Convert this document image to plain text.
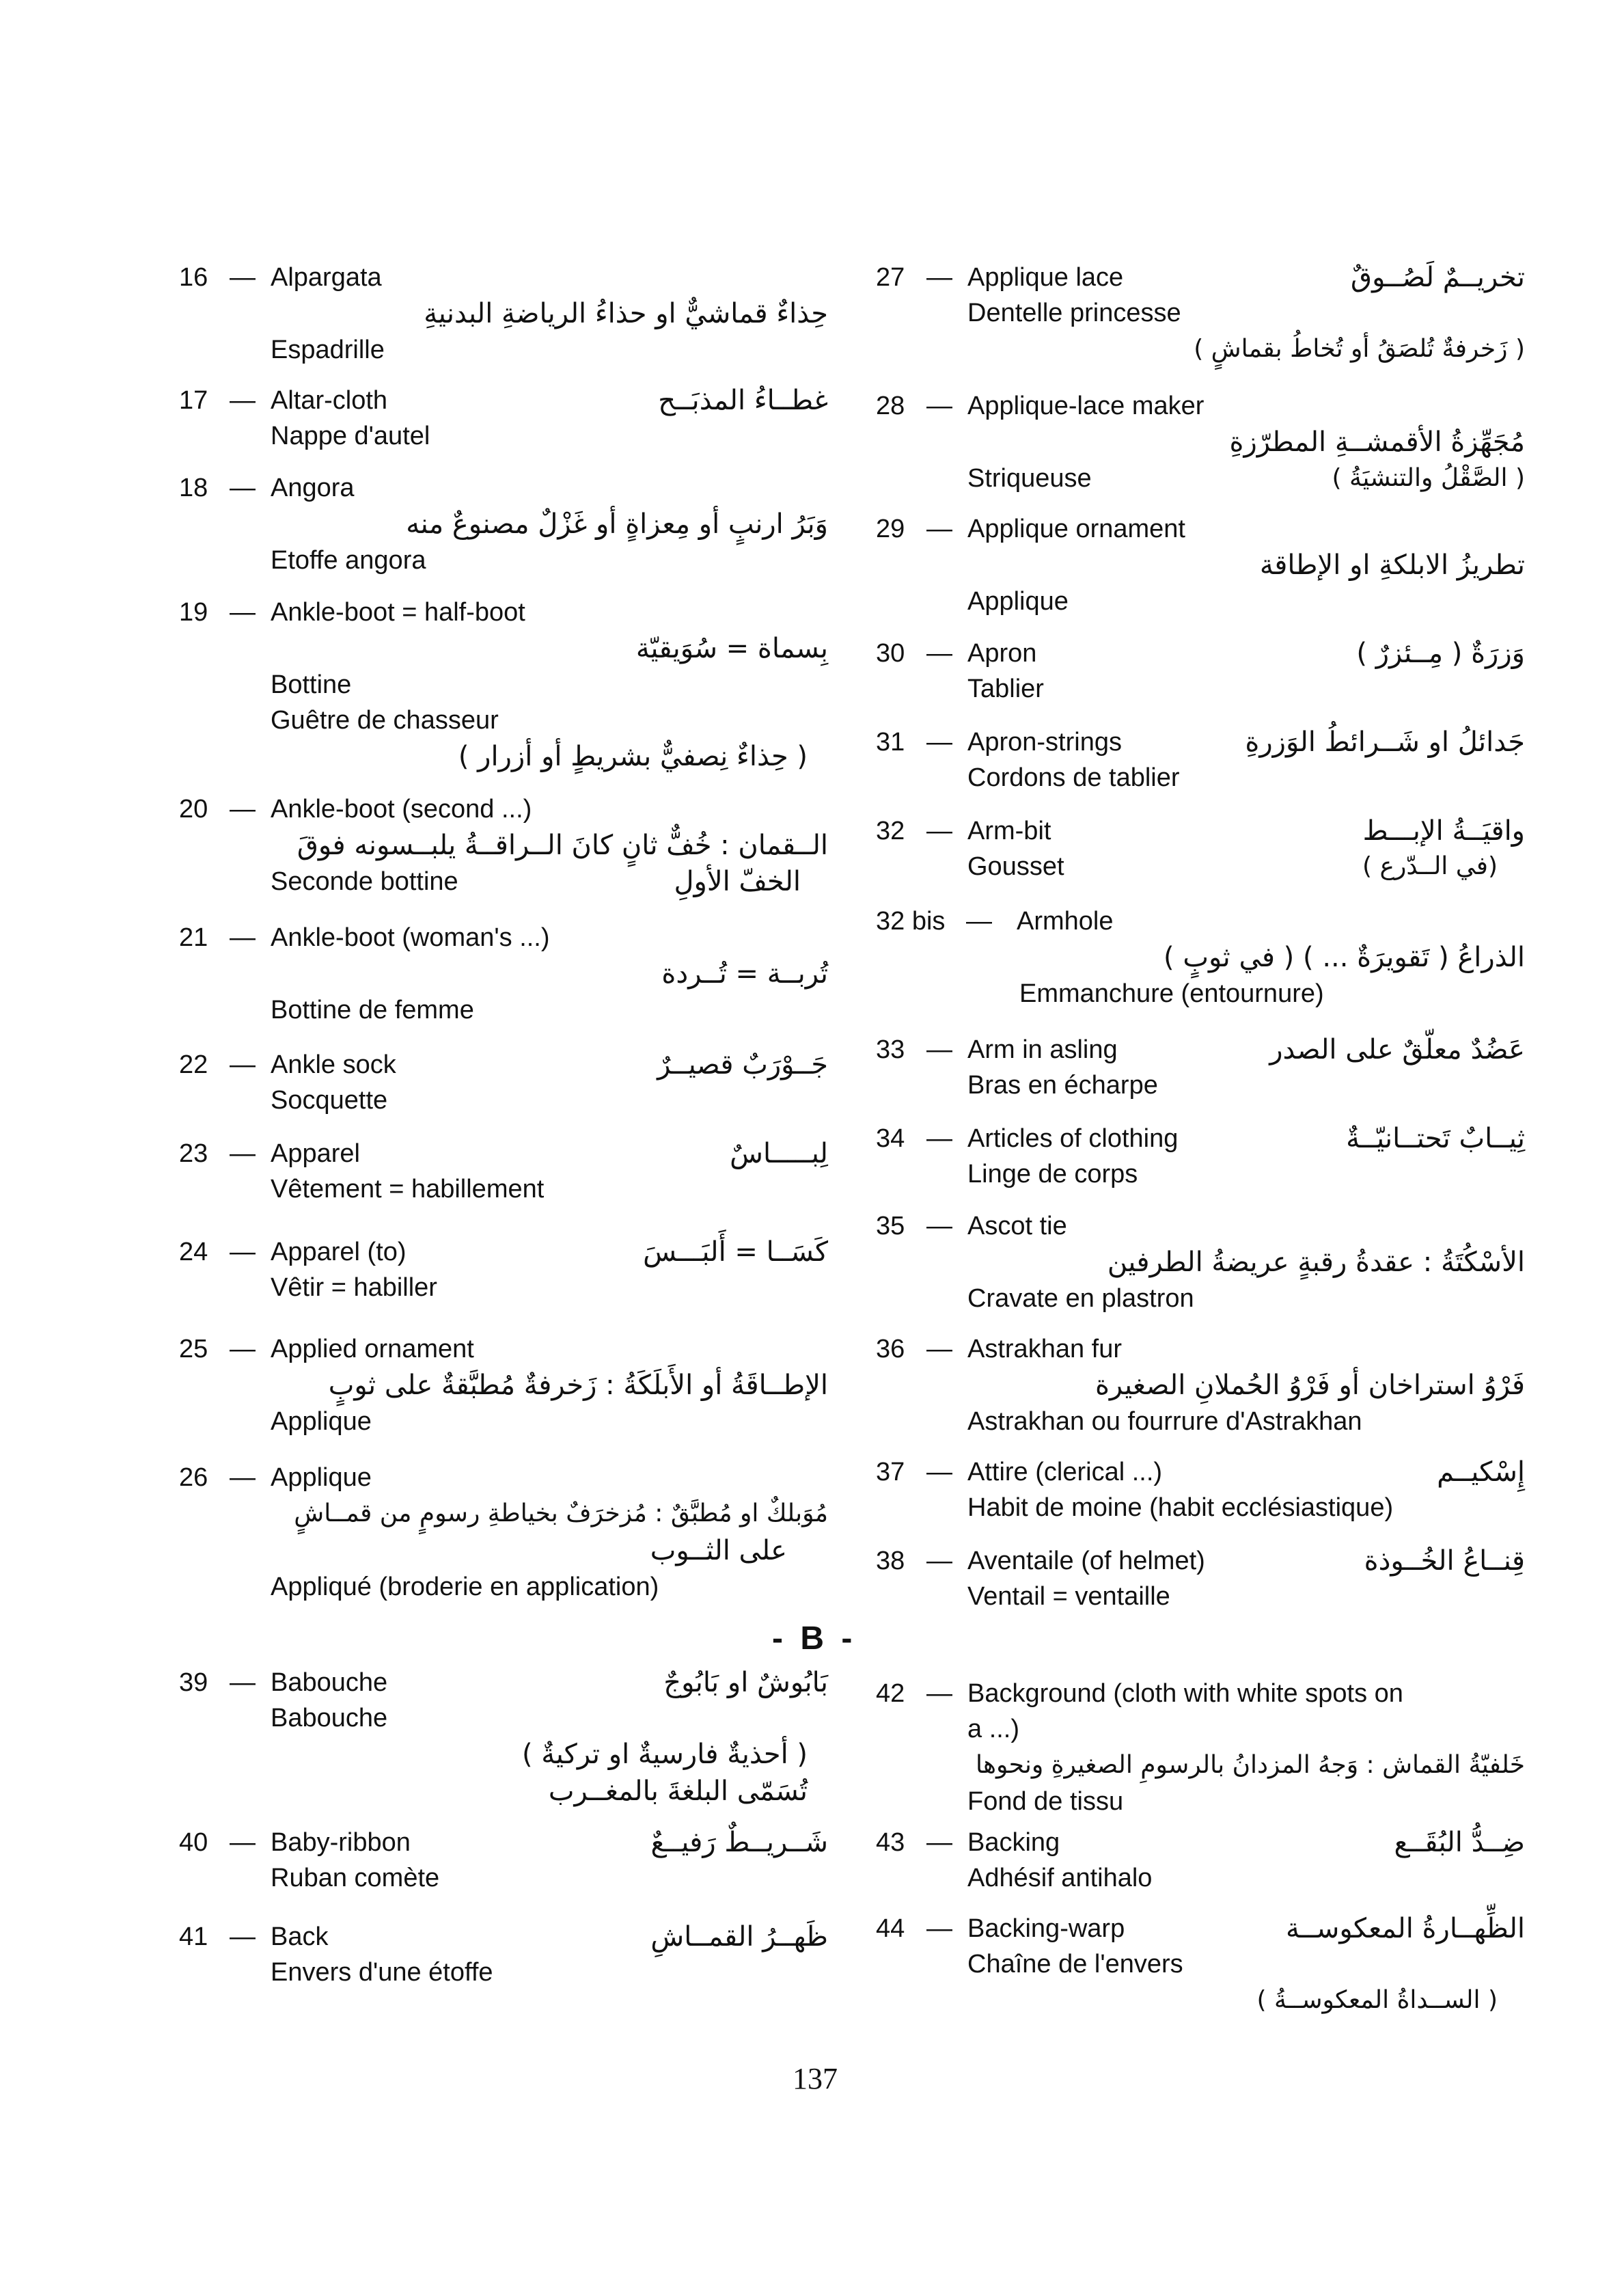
16 — Alpargata
حِذاءٌ قماشيٌّ او حذاءُ الرياضةِ البدنيةِ
Espadrille
17 — Altar-cloth	غطــاءُ المذبَــح
Nappe d'autel
18 — Angora
وَبَرُ ارنبٍ أو مِعزاةٍ أو غَزْلٌ مصنوعٌ منه
Etoffe angora
19 — Ankle-boot = half-boot
بِسماة = سُوَيقيّة
Bottine
Guêtre de chasseur
( حِذاءٌ نِصفيٌّ بشريطٍ أو أزرار )
20 — Ankle-boot (second ...)
الــقمان : خُفٌّ ثانٍ كانَ الــراقــةُ يلبــسونه فوقَ
Seconde bottine	الخفّ الأولِ
21 — Ankle-boot (woman's ...)
تُربــة = تُــردة
Bottine de femme
22 — Ankle sock	جَــوْرَبٌ قصيــرٌ
Socquette
23 — Apparel	لِبـــــاسٌ
Vêtement = habillement
24 — Apparel (to)	كَسَــا = أَلبَـــسَ
Vêtir = habiller
25 — Applied ornament
الإطــاقَةُ أو الأَبلَكَةُ : زَخرفةٌ مُطبَّقةٌ على ثوبٍ
Applique
26 — Applique
مُوَبلكٌ او مُطبَّقٌ : مُزخرَفٌ بخياطةِ رسومٍ من قمــاشٍ
على الثــوب
Appliqué (broderie en application)
39 — Babouche	بَابُوشٌ او بَابُوجٌ
Babouche
( أحذيةٌ فارسيةٌ او تركيةٌ )
تُسَمّى البلغةَ بالمغــرب
40 — Baby-ribbon	شَــريــطٌ رَفيــعٌ
Ruban comète
41 — Back	ظَهــرُ القمــاشِ
Envers d'une étoffe
27 — Applique lace	تخريــمٌ لَصُــوقٌ
Dentelle princesse
( زَخرفةٌ تُلصَقُ أو تُخاطُ بقماشٍ )
28 — Applique-lace maker
مُجَهِّزةُ الأقمشــةِ المطرّزةِ
Striqueuse	( الصَّقْلُ والتنشيَةُ )
29 — Applique ornament
تطريزُ الابلكةِ او الإطاقة
Applique
30 — Apron	وَزرَةٌ ( مِــئزرٌ )
Tablier
31 — Apron-strings	جَدائلُ او شَــرائطُ الوَزرةِ
Cordons de tablier
32 — Arm-bit	واقيَــةُ الإبـــط
Gousset	(في الــدّرع )
32 bis — Armhole
الذراعُ ( تَقويرَةٌ ... ) ( في ثوبٍ )
Emmanchure (entournure)
33 — Arm in asling	عَضُدٌ معلّقٌ على الصدر
Bras en écharpe
34 — Articles of clothing	ثِيــابٌ تَحتــانيّــةٌ
Linge de corps
35 — Ascot tie
الأسْكُتَةُ : عقدةُ رقبةٍ عريضةُ الطرفين
Cravate en plastron
36 — Astrakhan fur
فَرْوُ استراخان أو فَرْوُ الحُملانِ الصغيرة
Astrakhan ou fourrure d'Astrakhan
37 — Attire (clerical ...)	إِسْكيــم
Habit de moine (habit ecclésiastique)
38 — Aventaile (of helmet)	قِنــاعُ الخُــوذة
Ventail = ventaille
42 — Background (cloth with white spots on
a ...)
خَلفيّةُ القماش : وَجهُ المزدانُ بالرسومِ الصغيرةِ ونحوها
Fond de tissu
43 — Backing	ضِــدُّ البُقَــع
Adhésif antihalo
44 — Backing-warp	الظِّهــارةُ المعكوســة
Chaîne de l'envers
( الســداةُ المعكوســةُ )
- B -
137
